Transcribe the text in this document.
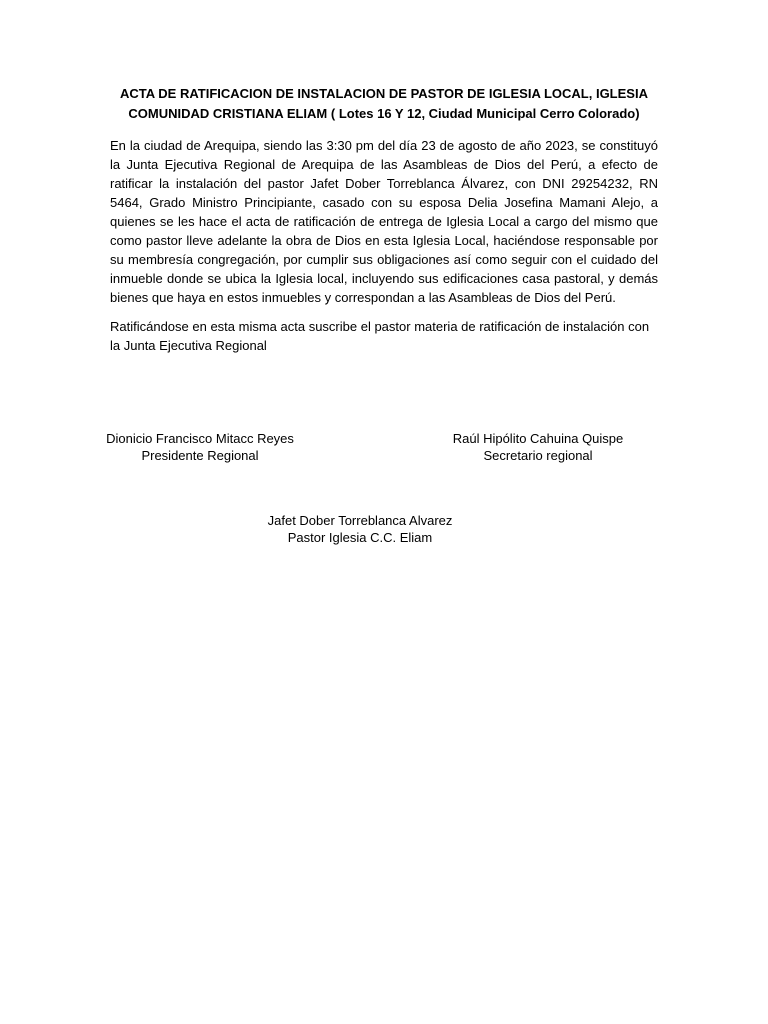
ACTA DE RATIFICACION DE INSTALACION DE PASTOR DE IGLESIA LOCAL, IGLESIA
COMUNIDAD CRISTIANA ELIAM ( Lotes 16 Y 12, Ciudad Municipal Cerro Colorado)

En la ciudad de Arequipa, siendo las 3:30 pm del día 23 de agosto de año 2023, se constituyó la Junta Ejecutiva Regional de Arequipa de las Asambleas de Dios del Perú, a efecto de ratificar la instalación del pastor Jafet Dober Torreblanca Álvarez, con DNI 29254232, RN 5464, Grado Ministro Principiante, casado con su esposa Delia Josefina Mamani Alejo, a quienes se les hace el acta de ratificación de entrega de Iglesia Local a cargo del mismo que como pastor lleve adelante la obra de Dios en esta Iglesia Local, haciéndose responsable por su membresía congregación, por cumplir sus obligaciones así como seguir con el cuidado del inmueble donde se ubica la Iglesia local, incluyendo sus edificaciones casa pastoral, y demás bienes que haya en estos inmuebles y correspondan a las Asambleas de Dios del Perú.

Ratificándose en esta misma acta suscribe el pastor materia de ratificación de instalación con la Junta Ejecutiva Regional

Dionicio Francisco Mitacc Reyes
Presidente Regional
Raúl Hipólito Cahuina Quispe
Secretario regional
Jafet Dober Torreblanca Alvarez
Pastor Iglesia C.C. Eliam
